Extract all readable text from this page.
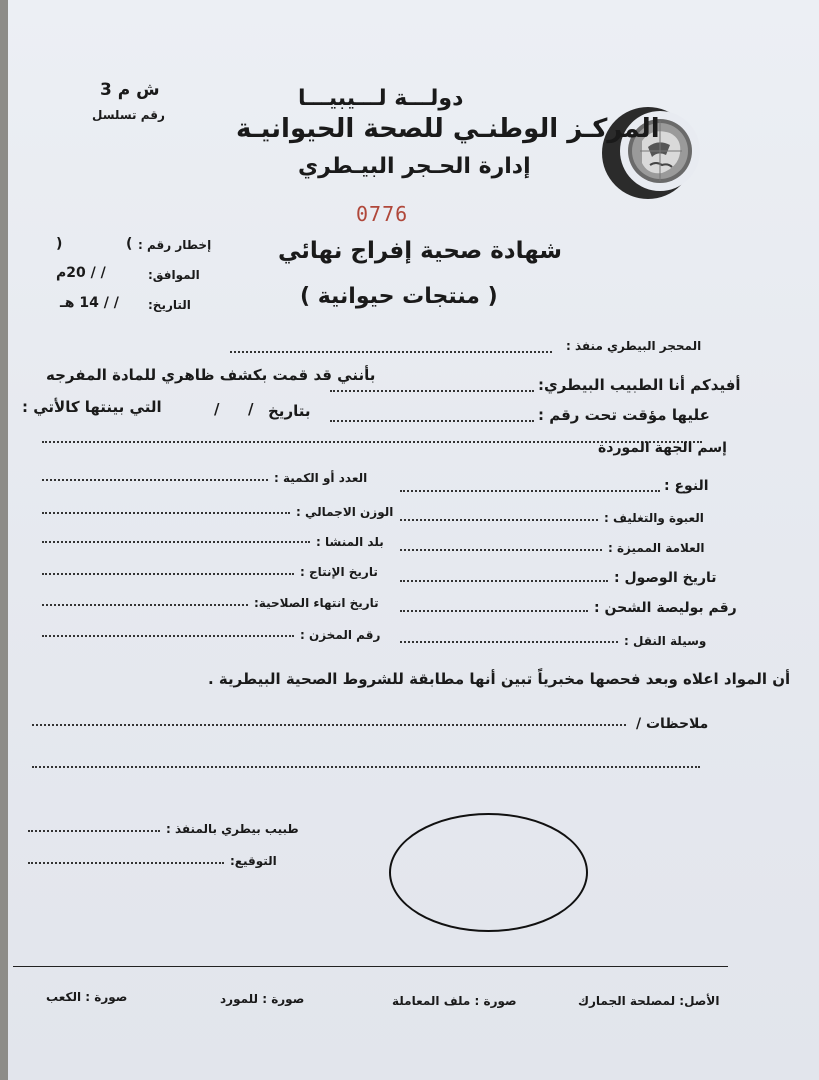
ش م 3
رقم تسلسل
دولـــة لـــيبيـــا
المركـز الوطنـي للصحة الحيوانيـة
إدارة الحـجر البيـطري
0776
شهادة صحية إفراج نهائي
( منتجات حيوانية )
إخطار رقم :
(
)
الموافق:
/ / 20م
التاريخ:
/ / 14 هـ
المحجر البيطري منفذ :
أفيدكم أنا الطبيب البيطري:
بأنني قد قمت بكشف ظاهري للمادة المفرجه
عليها مؤقت تحت رقم :
بتاريخ
/
/
التي بينتها كالأتي :
إسم الجهة الموردة
النوع :
العبوة والتغليف :
العلامة المميزة :
تاريخ الوصول :
رقم بوليصة الشحن :
وسيلة النقل :
العدد أو الكمية :
الوزن الاجمالي :
بلد المنشا :
تاريخ الإنتاج :
تاريخ انتهاء الصلاحية:
رقم المخزن :
أن المواد اعلاه وبعد فحصها مخبرياً تبين أنها مطابقة للشروط الصحية البيطرية .
ملاحظات /
طبيب بيطري بالمنفذ :
التوقيع:
الأصل: لمصلحة الجمارك
صورة : ملف المعاملة
صورة : للمورد
صورة : الكعب
